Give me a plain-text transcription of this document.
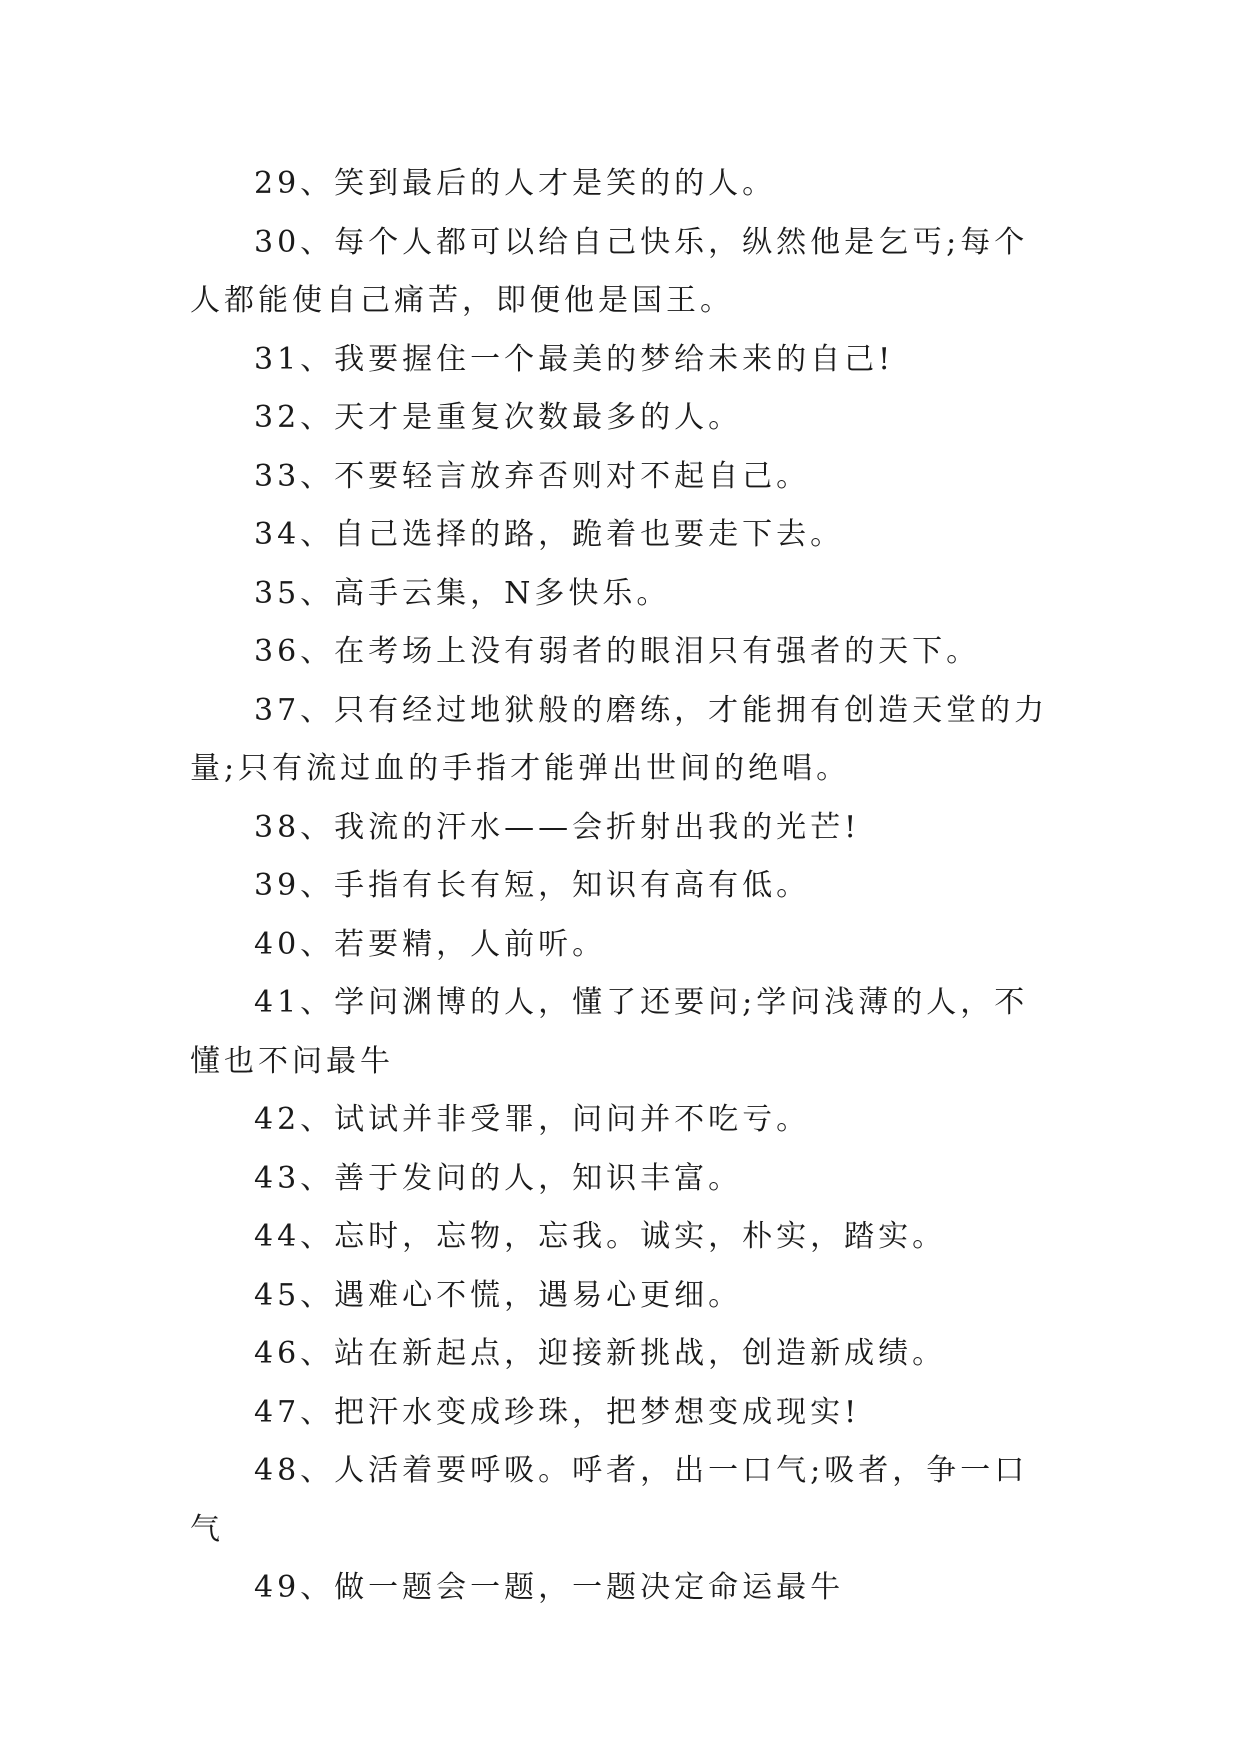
29、笑到最后的人才是笑的的人。

30、每个人都可以给自己快乐，纵然他是乞丐;每个人都能使自己痛苦，即便他是国王。

31、我要握住一个最美的梦给未来的自己!

32、天才是重复次数最多的人。

33、不要轻言放弃否则对不起自己。

34、自己选择的路，跪着也要走下去。

35、高手云集，N多快乐。

36、在考场上没有弱者的眼泪只有强者的天下。

37、只有经过地狱般的磨练，才能拥有创造天堂的力量;只有流过血的手指才能弹出世间的绝唱。

38、我流的汗水——会折射出我的光芒!

39、手指有长有短，知识有高有低。

40、若要精，人前听。

41、学问渊博的人，懂了还要问;学问浅薄的人，不懂也不问最牛

42、试试并非受罪，问问并不吃亏。

43、善于发问的人，知识丰富。

44、忘时，忘物，忘我。诚实，朴实，踏实。

45、遇难心不慌，遇易心更细。

46、站在新起点，迎接新挑战，创造新成绩。

47、把汗水变成珍珠，把梦想变成现实!

48、人活着要呼吸。呼者，出一口气;吸者，争一口气

49、做一题会一题，一题决定命运最牛
